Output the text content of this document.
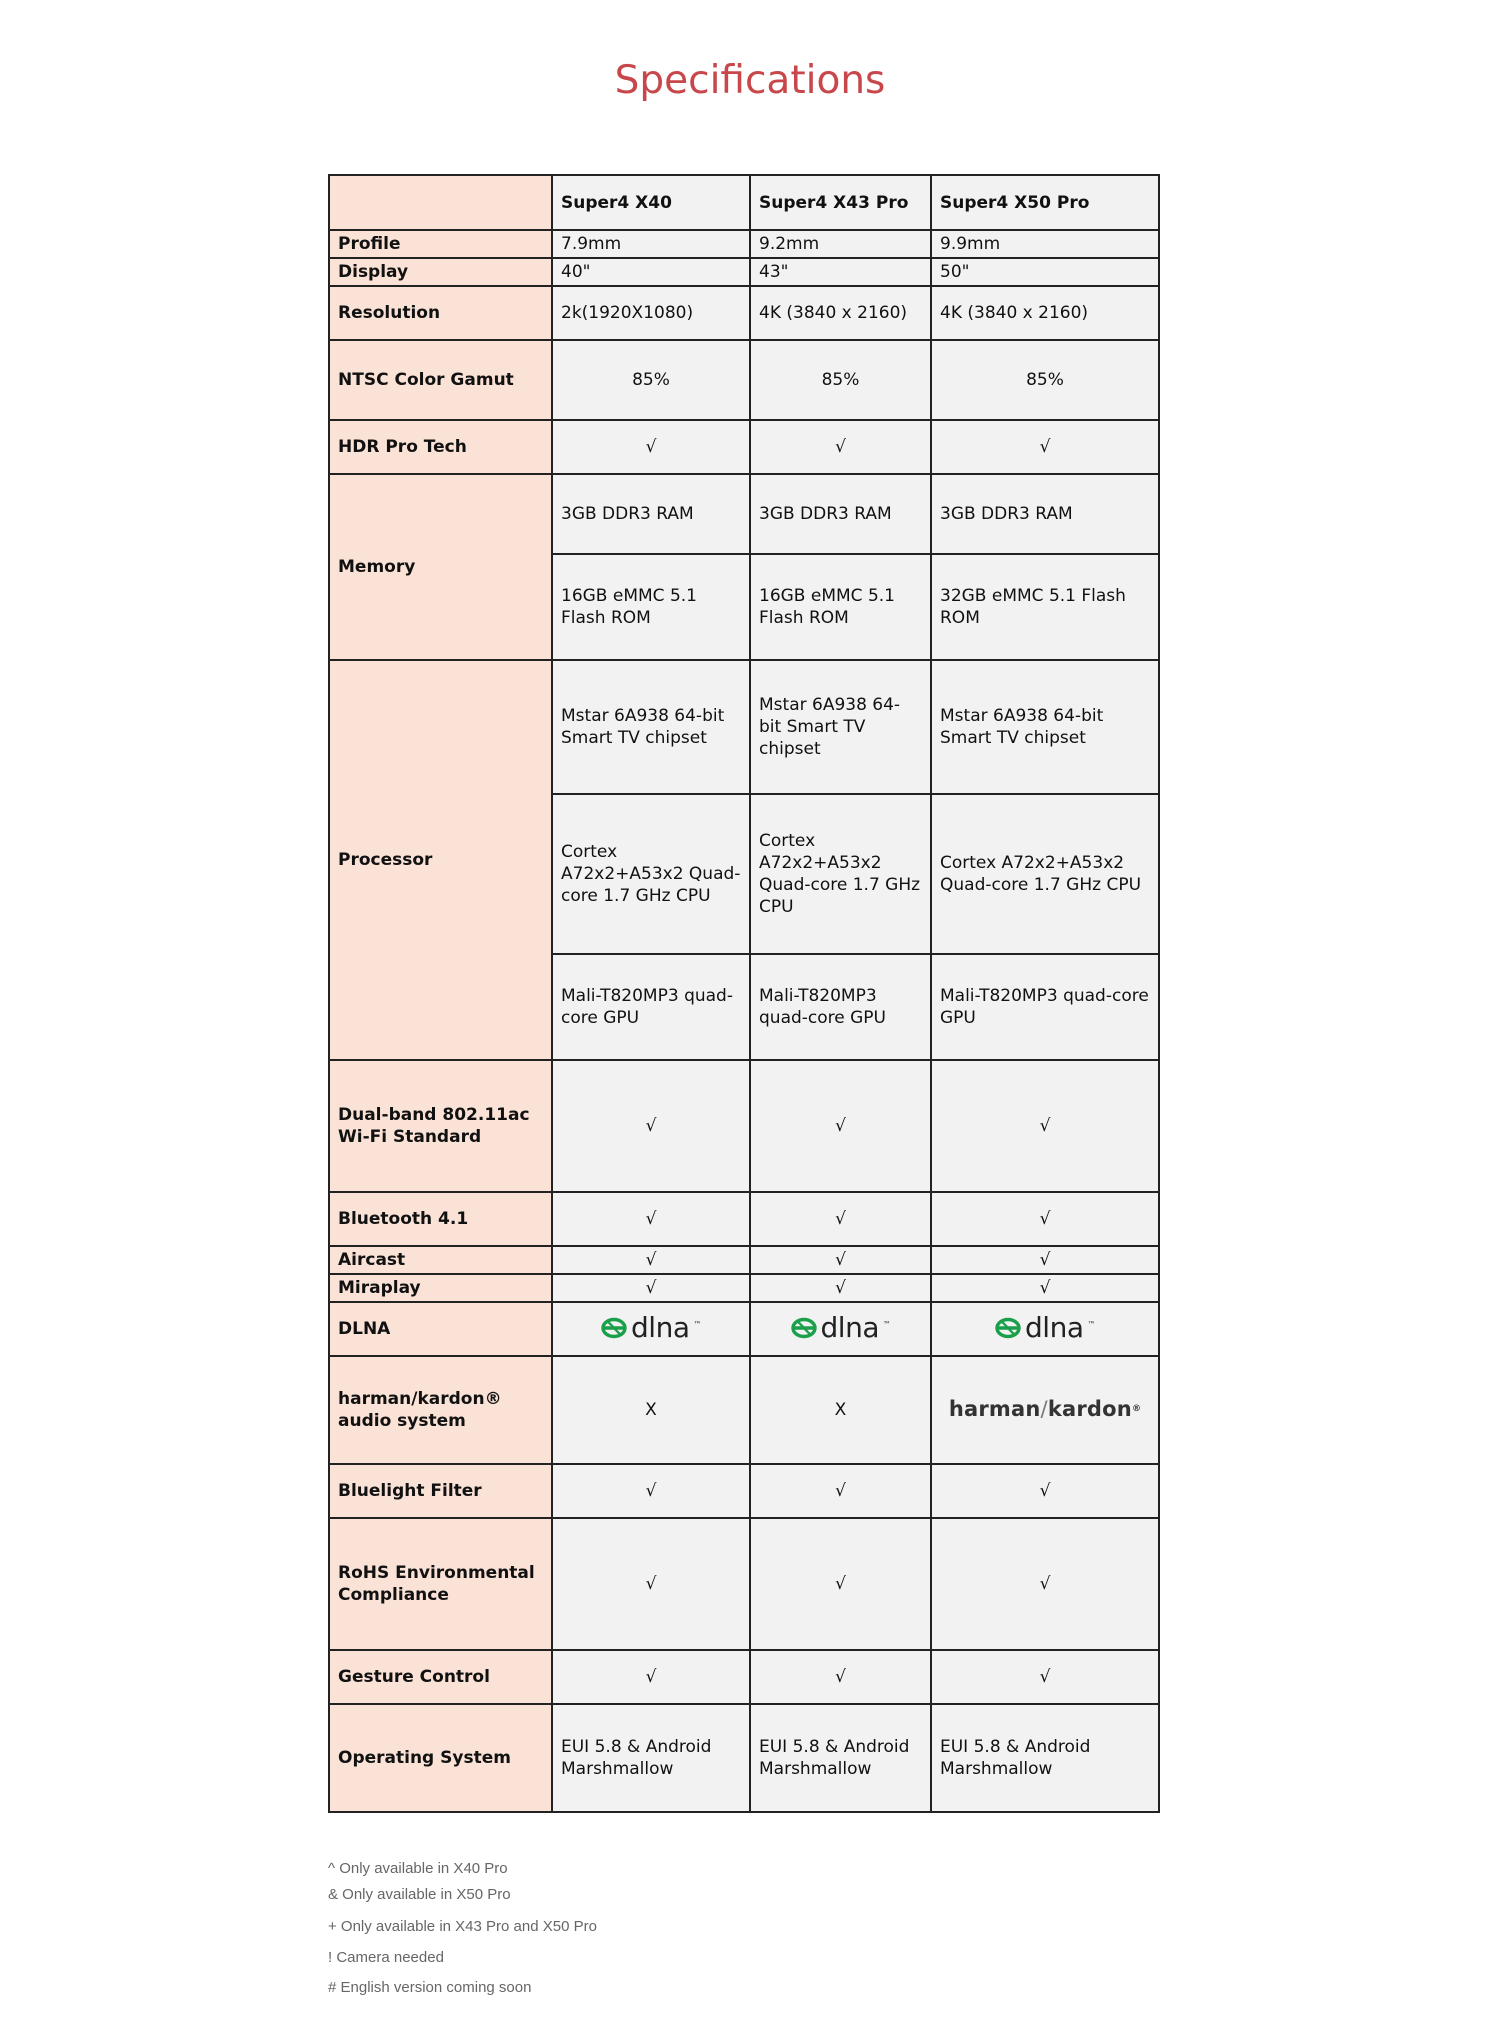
Specifications
	Super4 X40	Super4 X43 Pro	Super4 X50 Pro
Profile	7.9mm	9.2mm	9.9mm
Display	40"	43"	50"
Resolution	2k(1920X1080)	4K (3840 x 2160)	4K (3840 x 2160)
NTSC Color Gamut	85%	85%	85%
HDR Pro Tech	√	√	√
Memory	3GB DDR3 RAM	3GB DDR3 RAM	3GB DDR3 RAM
	16GB eMMC 5.1 Flash ROM	16GB eMMC 5.1 Flash ROM	32GB eMMC 5.1 Flash ROM
Processor	Mstar 6A938 64-bit Smart TV chipset	Mstar 6A938 64-bit Smart TV chipset	Mstar 6A938 64-bit Smart TV chipset
	Cortex A72x2+A53x2 Quad-core 1.7 GHz CPU	Cortex A72x2+A53x2 Quad-core 1.7 GHz CPU	Cortex A72x2+A53x2 Quad-core 1.7 GHz CPU
	Mali-T820MP3 quad-core GPU	Mali-T820MP3 quad-core GPU	Mali-T820MP3 quad-core GPU
Dual-band 802.11ac Wi-Fi Standard	√	√	√
Bluetooth 4.1	√	√	√
Aircast	√	√	√
Miraplay	√	√	√
DLNA	dlna ™	dlna ™	dlna ™

harman/kardon® audio system	X	X	harman/kardon®
Bluelight Filter	√	√	√
RoHS Environmental Compliance	√	√	√
Gesture Control	√	√	√
Operating System	EUI 5.8 & Android Marshmallow	EUI 5.8 & Android Marshmallow	EUI 5.8 & Android Marshmallow
^ Only available in X40 Pro
& Only available in X50 Pro
+ Only available in X43 Pro and X50 Pro
! Camera needed
# English version coming soon
